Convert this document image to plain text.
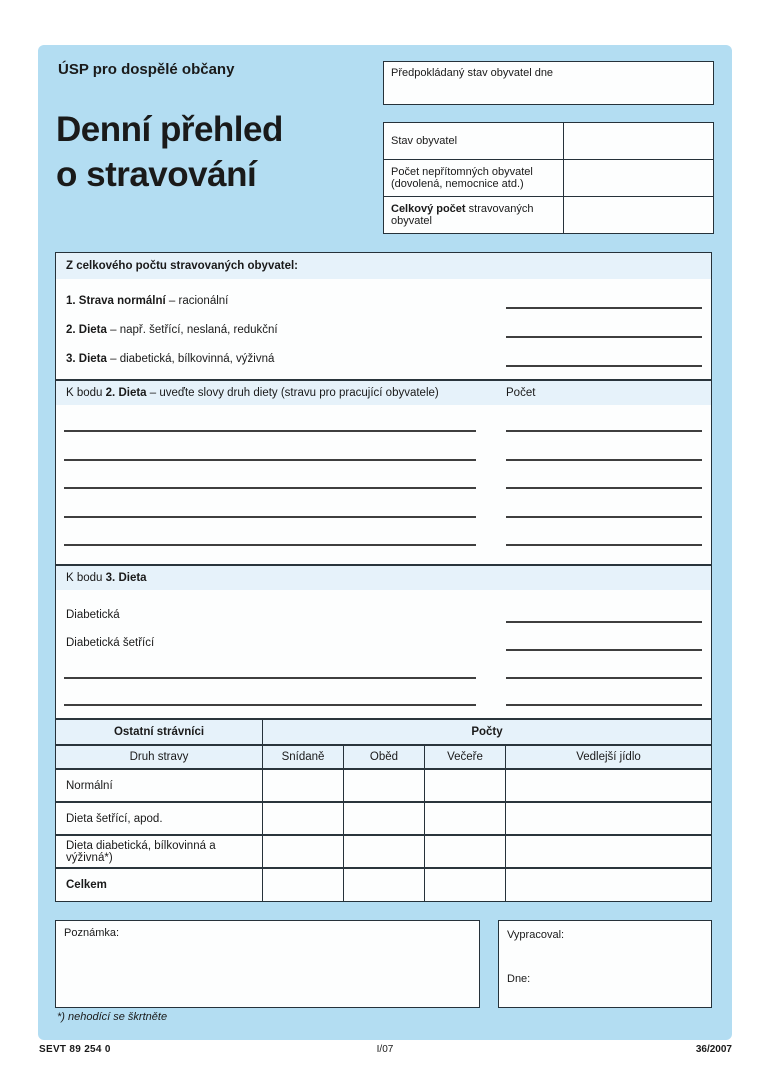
ÚSP pro dospělé občany
Denní přehled
o stravování
Předpokládaný stav obyvatel dne
Stav obyvatel
Počet nepřítomných obyvatel
(dovolená, nemocnice atd.)
Celkový počet stravovaných obyvatel
Z celkového počtu stravovaných obyvatel:
1. Strava normální – racionální
2. Dieta – např. šetřící, neslaná, redukční
3. Dieta – diabetická, bílkovinná, výživná
K bodu 2. Dieta – uveďte slovy druh diety (stravu pro pracující obyvatele)	Počet
K bodu 3. Dieta
Diabetická
Diabetická šetřící
Ostatní strávníci	Počty
Druh stravy	Snídaně	Oběd	Večeře	Vedlejší jídlo
Normální
Dieta šetřící, apod.
Dieta diabetická, bílkovinná a výživná*)
Celkem
Poznámka:	Vypracoval:
Dne:
*) nehodící se škrtněte
SEVT 89 254 0	I/07	36/2007
